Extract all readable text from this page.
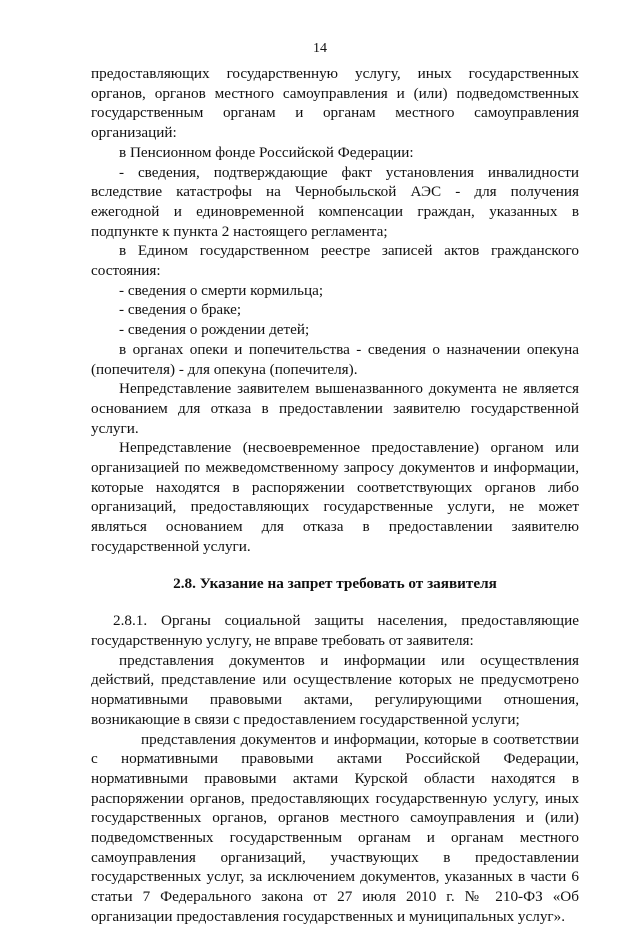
14

предоставляющих государственную услугу, иных государственных органов, органов местного самоуправления и (или) подведомственных государственным органам и органам местного самоуправления организаций:

в Пенсионном фонде Российской Федерации:

- сведения, подтверждающие факт установления инвалидности вследствие катастрофы на Чернобыльской АЭС - для получения ежегодной и единовременной компенсации граждан, указанных в подпункте к пункта 2 настоящего регламента;

в Едином государственном реестре записей актов гражданского состояния:

- сведения о смерти кормильца;

- сведения о браке;

- сведения о рождении детей;

в органах опеки и попечительства - сведения о назначении опекуна (попечителя) - для опекуна (попечителя).

Непредставление заявителем вышеназванного документа не является основанием для отказа в предоставлении заявителю государственной услуги.

Непредставление (несвоевременное предоставление) органом или организацией по межведомственному запросу документов и информации, которые находятся в распоряжении соответствующих органов либо организаций, предоставляющих государственные услуги, не может являться основанием для отказа в предоставлении заявителю государственной услуги.

2.8. Указание на запрет требовать от заявителя

2.8.1. Органы социальной защиты населения, предоставляющие государственную услугу, не вправе требовать от заявителя:

представления документов и информации или осуществления действий, представление или осуществление которых не предусмотрено нормативными правовыми актами, регулирующими отношения, возникающие в связи с предоставлением государственной услуги;

представления документов и информации, которые в соответствии с нормативными правовыми актами Российской Федерации, нормативными правовыми актами Курской области находятся в распоряжении органов, предоставляющих государственную услугу, иных государственных органов, органов местного самоуправления и (или) подведомственных государственным органам и органам местного самоуправления организаций, участвующих в предоставлении государственных услуг, за исключением документов, указанных в части 6 статьи 7 Федерального закона от 27 июля 2010 г. № 210-ФЗ «Об организации предоставления государственных и муниципальных услуг».
